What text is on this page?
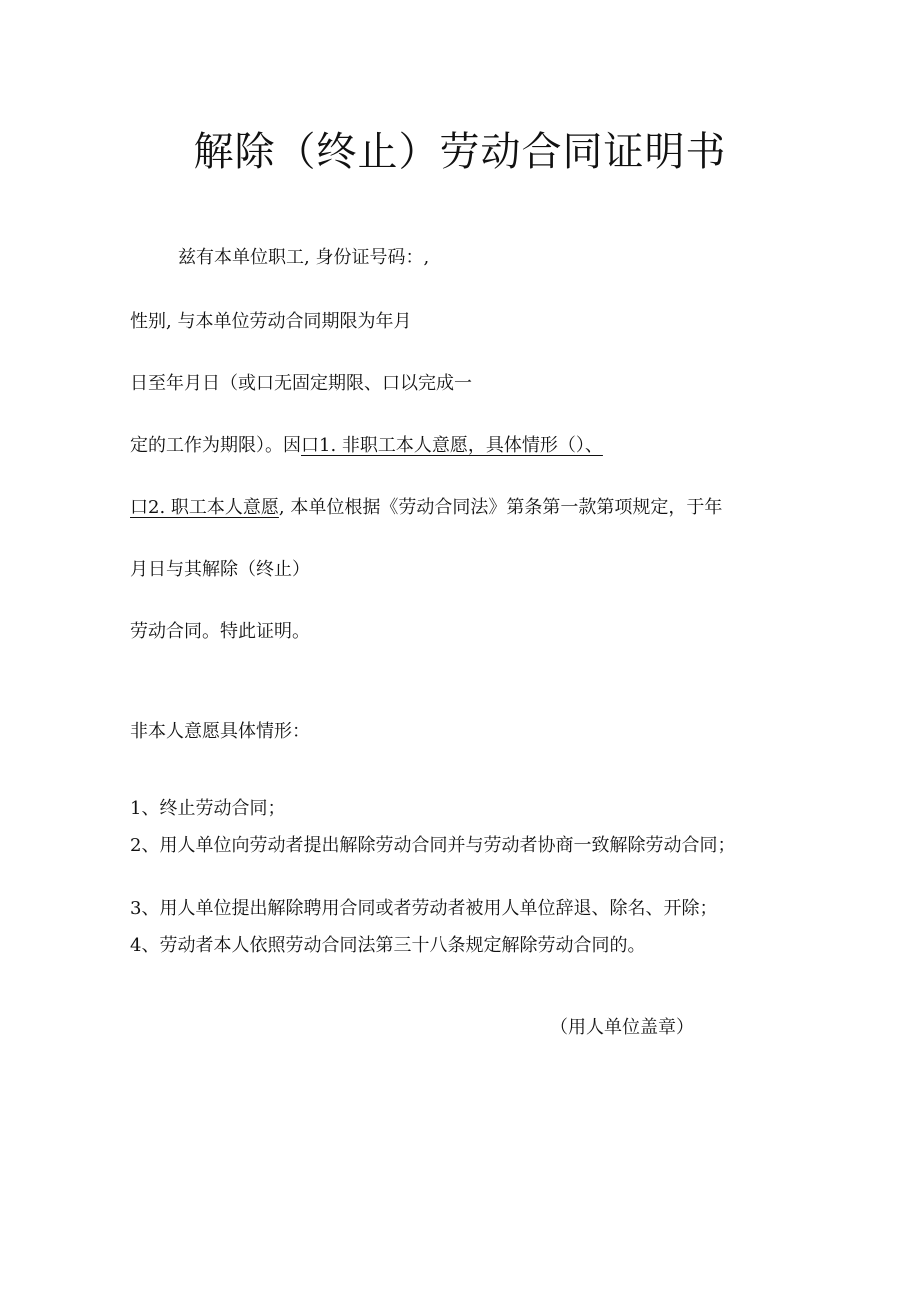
解除（终止）劳动合同证明书
兹有本单位职工, 身份证号码：,
性别, 与本单位劳动合同期限为年月
日至年月日（或口无固定期限、口以完成一
定的工作为期限）。因口1. 非职工本人意愿，具体情形（）、
口2. 职工本人意愿, 本单位根据《劳动合同法》第条第一款第项规定，于年
月日与其解除（终止）
劳动合同。特此证明。
非本人意愿具体情形：
1、终止劳动合同；
2、用人单位向劳动者提出解除劳动合同并与劳动者协商一致解除劳动合同；
3、用人单位提出解除聘用合同或者劳动者被用人单位辞退、除名、开除；
4、劳动者本人依照劳动合同法第三十八条规定解除劳动合同的。
（用人单位盖章）
